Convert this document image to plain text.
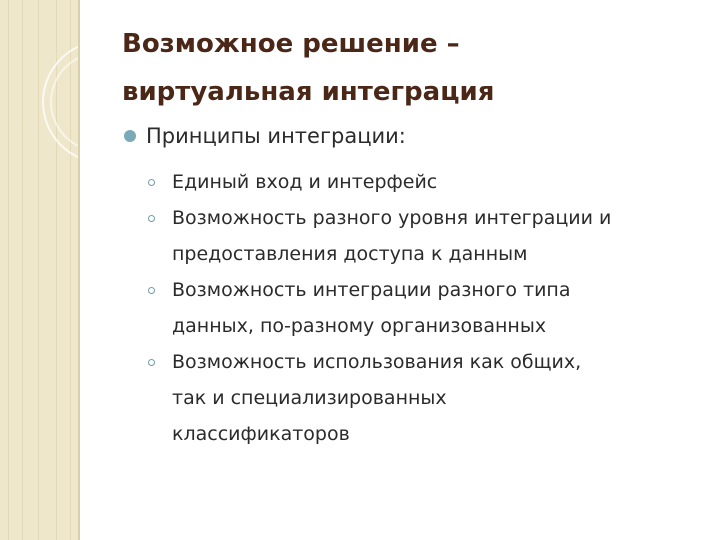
Возможное решение –
виртуальная интеграция
Принципы интеграции:
Единый вход и интерфейс
Возможность разного уровня интеграции и
предоставления доступа к данным
Возможность интеграции разного типа
данных, по-разному организованных
Возможность использования как общих,
так и специализированных
классификаторов
